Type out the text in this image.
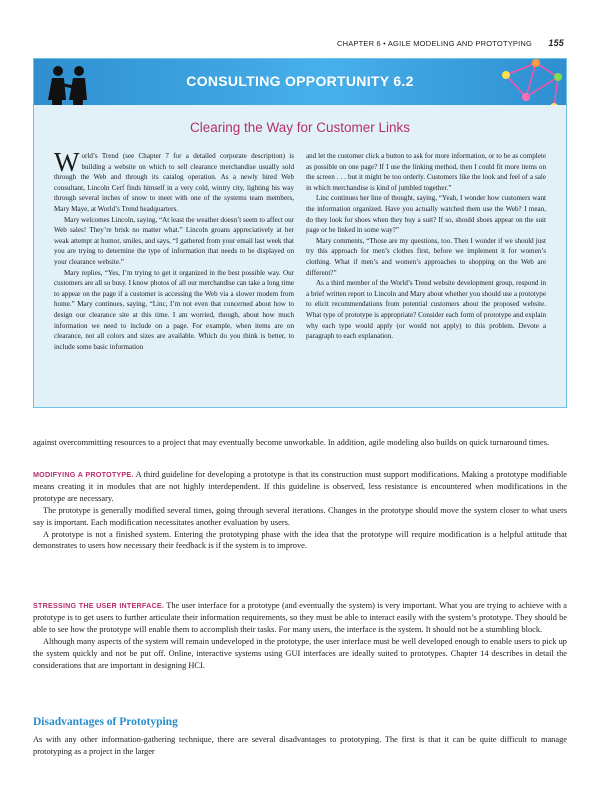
CHAPTER 6 • AGILE MODELING AND PROTOTYPING 155
CONSULTING OPPORTUNITY 6.2
Clearing the Way for Customer Links

World’s Trend (see Chapter 7 for a detailed corporate description) is building a website on which to sell clearance merchandise usually sold through the Web and through its catalog operation. As a newly hired Web consultant, Lincoln Cerf finds himself in a very cold, wintry city, lighting his way through several inches of snow to meet with one of the systems team members, Mary Maye, at World’s Trend headquarters.

Mary welcomes Lincoln, saying, “At least the weather doesn’t seem to affect our Web sales! They’re brisk no matter what.” Lincoln groans appreciatively at her weak attempt at humor, smiles, and says, “I gathered from your email last week that you are trying to determine the type of information that needs to be displayed on your clearance website.”

Mary replies, “Yes, I’m trying to get it organized in the best possible way. Our customers are all so busy. I know photos of all our merchandise can take a long time to appear on the page if a customer is accessing the Web via a slower modem from home.” Mary continues, saying, “Linc, I’m not even that concerned about how to design our clearance site at this time. I am worried, though, about how much information we need to include on a page. For example, when items are on clearance, not all colors and sizes are available. Which do you think is better, to include some basic information

and let the customer click a button to ask for more information, or to be as complete as possible on one page? If I use the linking method, then I could fit more items on the screen . . . but it might be too orderly. Customers like the look and feel of a sale in which merchandise is kind of jumbled together.”

Linc continues her line of thought, saying, “Yeah, I wonder how customers want the information organized. Have you actually watched them use the Web? I mean, do they look for shoes when they buy a suit? If so, should shoes appear on the suit page or be linked in some way?”

Mary comments, “Those are my questions, too. Then I wonder if we should just try this approach for men’s clothes first, before we implement it for women’s clothing. What if men’s and women’s approaches to shopping on the Web are different?”

As a third member of the World’s Trend website development group, respond in a brief written report to Lincoln and Mary about whether you should use a prototype to elicit recommendations from potential customers about the proposed website. What type of prototype is appropriate? Consider each form of prototype and explain why each type would apply (or would not apply) to this problem. Devote a paragraph to each explanation.

against overcommitting resources to a project that may eventually become unworkable. In addition, agile modeling also builds on quick turnaround times.

MODIFYING A PROTOTYPE. A third guideline for developing a prototype is that its construction must support modifications. Making a prototype modifiable means creating it in modules that are not highly interdependent. If this guideline is observed, less resistance is encountered when modifications in the prototype are necessary.

The prototype is generally modified several times, going through several iterations. Changes in the prototype should move the system closer to what users say is important. Each modification necessitates another evaluation by users.

A prototype is not a finished system. Entering the prototyping phase with the idea that the prototype will require modification is a helpful attitude that demonstrates to users how necessary their feedback is if the system is to improve.

STRESSING THE USER INTERFACE. The user interface for a prototype (and eventually the system) is very important. What you are trying to achieve with a prototype is to get users to further articulate their information requirements, so they must be able to interact easily with the system’s prototype. They should be able to see how the prototype will enable them to accomplish their tasks. For many users, the interface is the system. It should not be a stumbling block.

Although many aspects of the system will remain undeveloped in the prototype, the user interface must be well developed enough to enable users to pick up the system quickly and not be put off. Online, interactive systems using GUI interfaces are ideally suited to prototypes. Chapter 14 describes in detail the considerations that are important in designing HCI.

Disadvantages of Prototyping

As with any other information-gathering technique, there are several disadvantages to prototyping. The first is that it can be quite difficult to manage prototyping as a project in the larger
